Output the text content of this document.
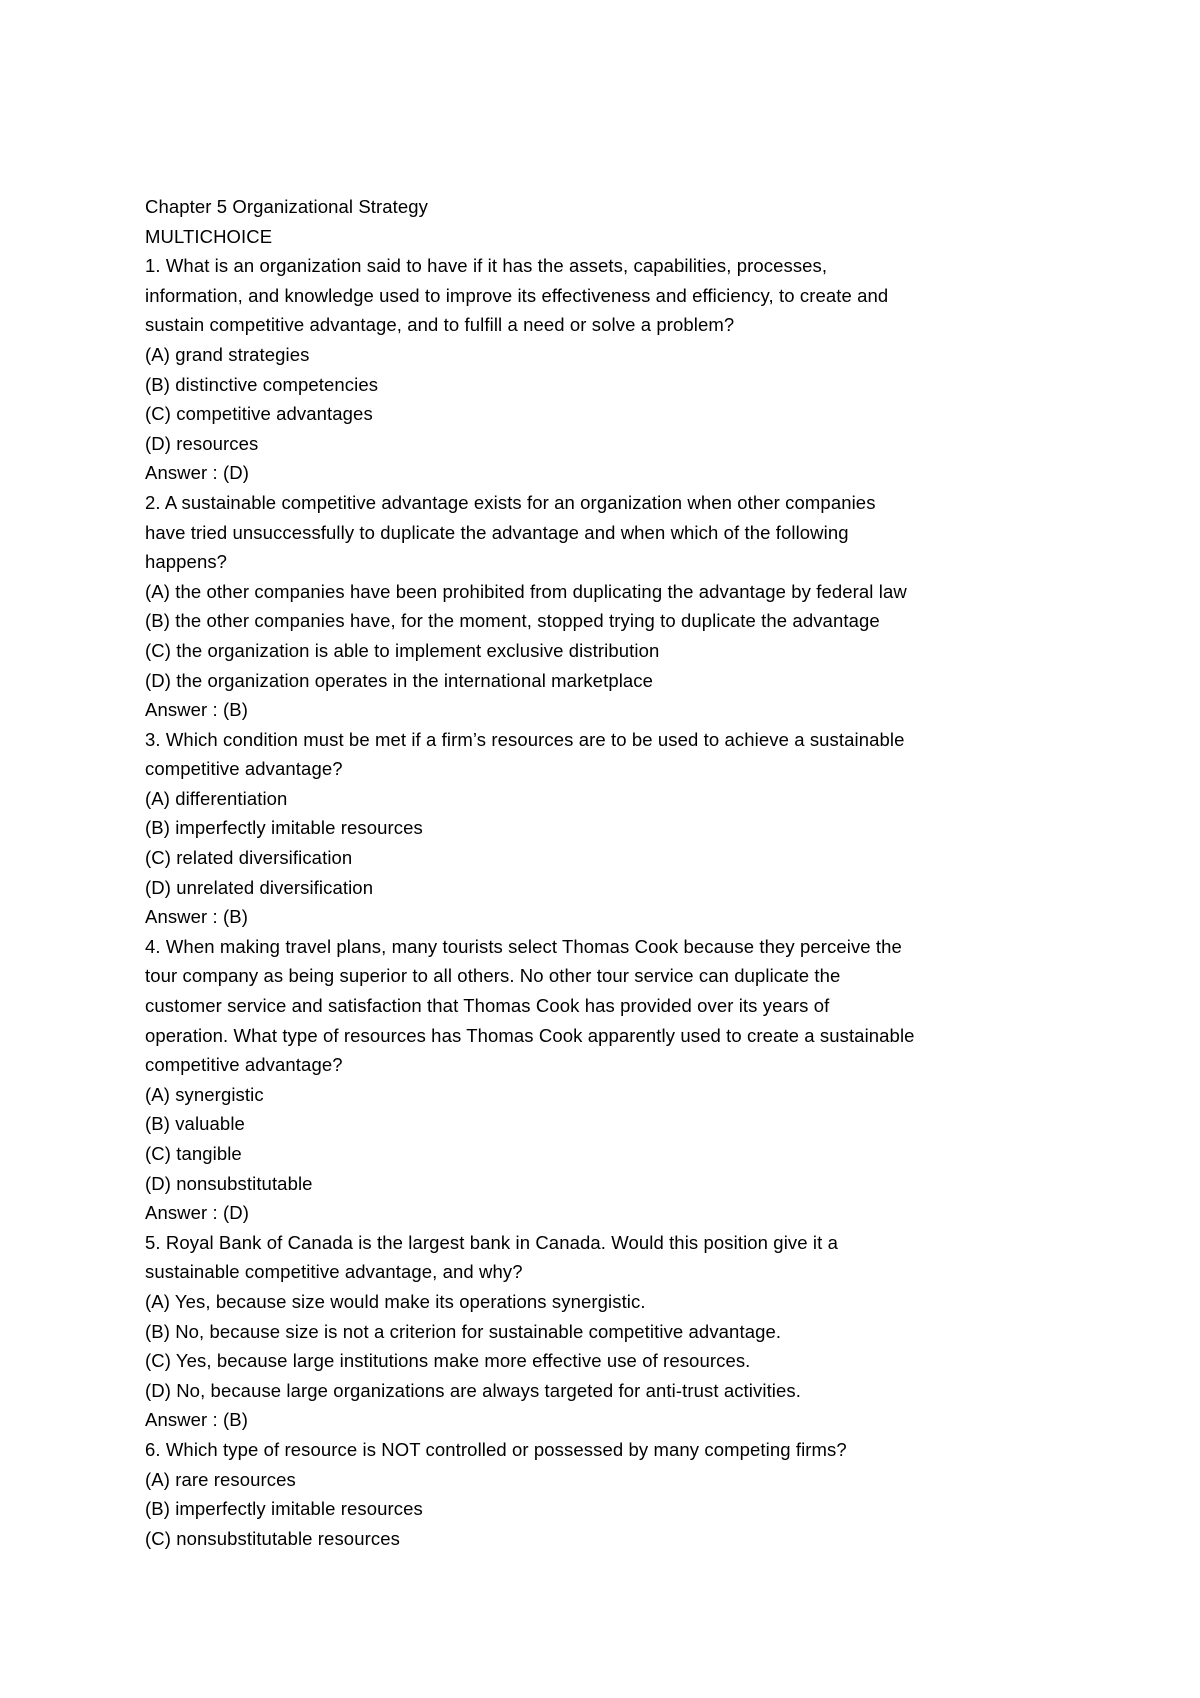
Chapter 5 Organizational Strategy
MULTICHOICE
1. What is an organization said to have if it has the assets, capabilities, processes,
information, and knowledge used to improve its effectiveness and efficiency, to create and
sustain competitive advantage, and to fulfill a need or solve a problem?
(A) grand strategies
(B) distinctive competencies
(C) competitive advantages
(D) resources
Answer : (D)
2. A sustainable competitive advantage exists for an organization when other companies
have tried unsuccessfully to duplicate the advantage and when which of the following
happens?
(A) the other companies have been prohibited from duplicating the advantage by federal law
(B) the other companies have, for the moment, stopped trying to duplicate the advantage
(C) the organization is able to implement exclusive distribution
(D) the organization operates in the international marketplace
Answer : (B)
3. Which condition must be met if a firm’s resources are to be used to achieve a sustainable
competitive advantage?
(A) differentiation
(B) imperfectly imitable resources
(C) related diversification
(D) unrelated diversification
Answer : (B)
4. When making travel plans, many tourists select Thomas Cook because they perceive the
tour company as being superior to all others. No other tour service can duplicate the
customer service and satisfaction that Thomas Cook has provided over its years of
operation. What type of resources has Thomas Cook apparently used to create a sustainable
competitive advantage?
(A) synergistic
(B) valuable
(C) tangible
(D) nonsubstitutable
Answer : (D)
5. Royal Bank of Canada is the largest bank in Canada. Would this position give it a
sustainable competitive advantage, and why?
(A) Yes, because size would make its operations synergistic.
(B) No, because size is not a criterion for sustainable competitive advantage.
(C) Yes, because large institutions make more effective use of resources.
(D) No, because large organizations are always targeted for anti-trust activities.
Answer : (B)
6. Which type of resource is NOT controlled or possessed by many competing firms?
(A) rare resources
(B) imperfectly imitable resources
(C) nonsubstitutable resources
